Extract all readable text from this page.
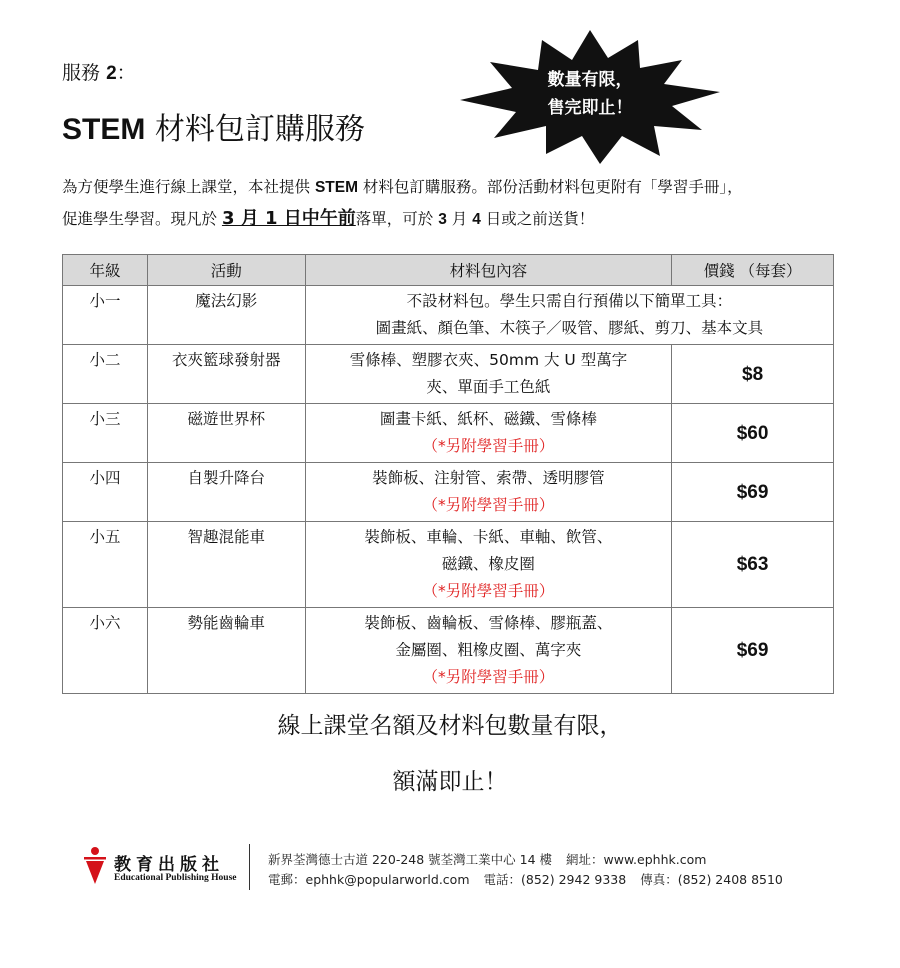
服務 2：
STEM 材料包訂購服務
數量有限，
售完即止！
為方便學生進行線上課堂，本社提供 STEM 材料包訂購服務。部份活動材料包更附有「學習手冊」，
促進學生學習。現凡於 3 月 1 日中午前落單，可於 3 月 4 日或之前送貨！
年級	活動	材料包內容	價錢 （每套）
小一	魔法幻影	不設材料包。學生只需自行預備以下簡單工具：
圖畫紙、顏色筆、木筷子／吸管、膠紙、剪刀、基本文具	

小二	衣夾籃球發射器	雪條棒、塑膠衣夾、50mm 大 U 型萬字
夾、單面手工色紙	$8
小三	磁遊世界杯	圖畫卡紙、紙杯、磁鐵、雪條棒
（*另附學習手冊）	$60
小四	自製升降台	裝飾板、注射管、索帶、透明膠管
（*另附學習手冊）	$69
小五	智趣混能車	裝飾板、車輪、卡紙、車軸、飲管、
磁鐵、橡皮圈
（*另附學習手冊）	$63
小六	勢能齒輪車	裝飾板、齒輪板、雪條棒、膠瓶蓋、
金屬圈、粗橡皮圈、萬字夾
（*另附學習手冊）	$69
線上課堂名額及材料包數量有限，
額滿即止！
教育出版社
Educational Publishing House
新界荃灣德士古道 220-248 號荃灣工業中心 14 樓 網址：www.ephhk.com
電郵：ephhk@popularworld.com 電話：(852) 2942 9338 傳真：(852) 2408 8510
